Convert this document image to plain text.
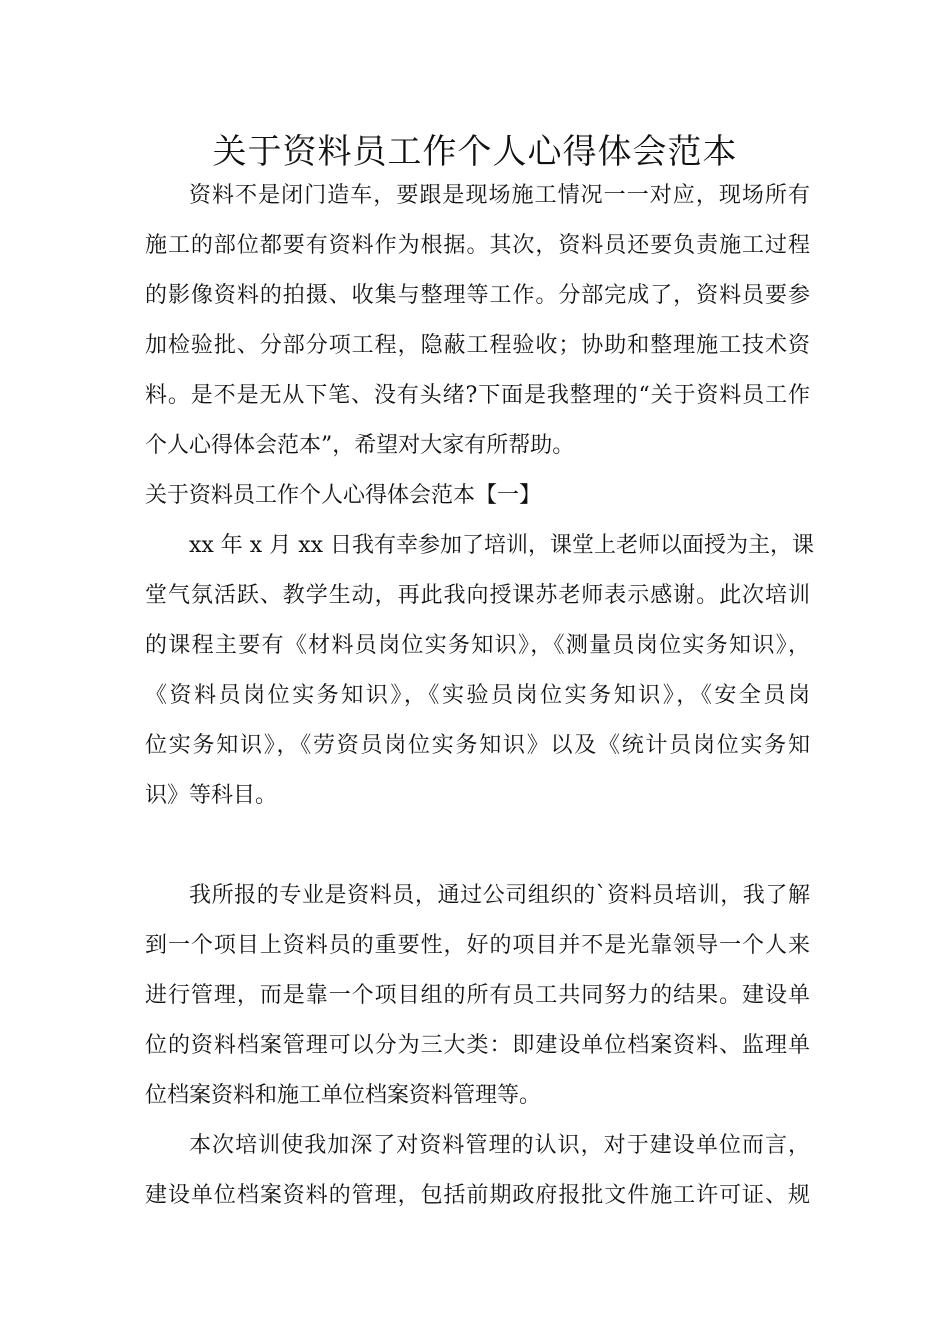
关于资料员工作个人心得体会范本
资料不是闭门造车，要跟是现场施工情况一一对应，现场所有
施工的部位都要有资料作为根据。其次，资料员还要负责施工过程
的影像资料的拍摄、收集与整理等工作。分部完成了，资料员要参
加检验批、分部分项工程，隐蔽工程验收；协助和整理施工技术资
料。是不是无从下笔、没有头绪?下面是我整理的“关于资料员工作
个人心得体会范本”，希望对大家有所帮助。
关于资料员工作个人心得体会范本【一】
xx 年 x 月 xx 日我有幸参加了培训，课堂上老师以面授为主，课
堂气氛活跃、教学生动，再此我向授课苏老师表示感谢。此次培训
的课程主要有《材料员岗位实务知识》，《测量员岗位实务知识》，
《资料员岗位实务知识》，《实验员岗位实务知识》，《安全员岗
位实务知识》，《劳资员岗位实务知识》以及《统计员岗位实务知
识》等科目。
我所报的专业是资料员，通过公司组织的`资料员培训，我了解
到一个项目上资料员的重要性，好的项目并不是光靠领导一个人来
进行管理，而是靠一个项目组的所有员工共同努力的结果。建设单
位的资料档案管理可以分为三大类：即建设单位档案资料、监理单
位档案资料和施工单位档案资料管理等。
本次培训使我加深了对资料管理的认识，对于建设单位而言，
建设单位档案资料的管理，包括前期政府报批文件施工许可证、规
